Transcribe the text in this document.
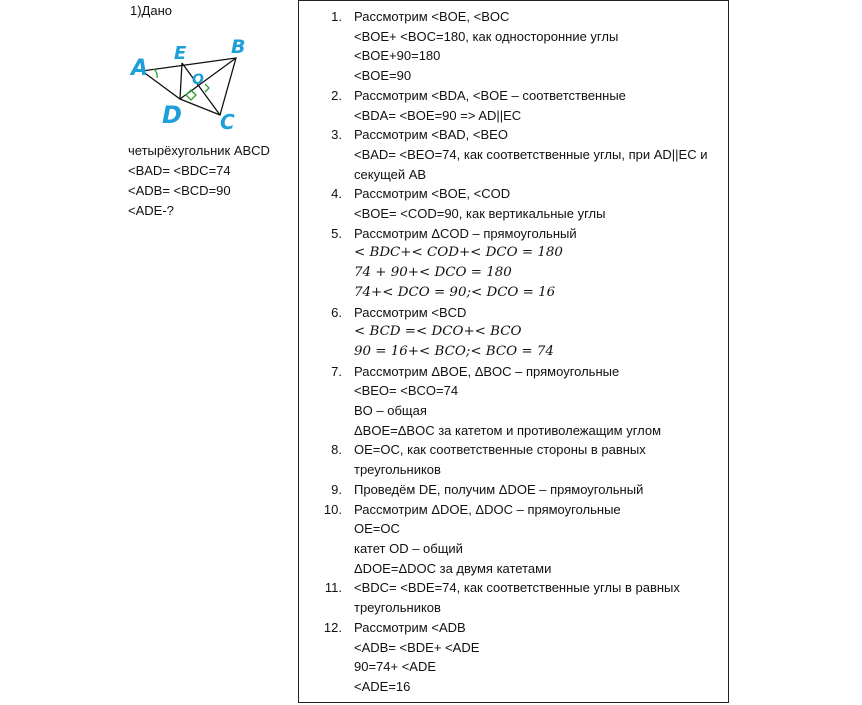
1)Дано
A
E B
O
D C
четырёхугольник ABCD
<BAD= <BDC=74
<ADB= <BCD=90
<ADE-?
1. Рассмотрим <BOE, <BOC
<BOE+ <BOC=180, как односторонние углы
<BOE+90=180
<BOE=90
2. Рассмотрим <BDA, <BOE – соответственные
<BDA= <BOE=90 => AD||EC
3. Рассмотрим <BAD, <BEO
<BAD= <BEO=74, как соответственные углы, при AD||EC и
секущей AB
4. Рассмотрим <BOE, <COD
<BOE= <COD=90, как вертикальные углы
5. Рассмотрим ΔCOD – прямоугольный
< BDC+< COD+< DCO = 180
74 + 90+< DCO = 180
74+< DCO = 90;< DCO = 16
6. Рассмотрим <BCD
< BCD =< DCO+< BCO
90 = 16+< BCO;< BCO = 74
7. Рассмотрим ΔBOE, ΔBOC – прямоугольные
<BEO= <BCO=74
BO – общая
ΔBOE=ΔBOC за катетом и противолежащим углом
8. OE=OC, как соответственные стороны в равных
треугольников
9. Проведём DE, получим ΔDOE – прямоугольный
10. Рассмотрим ΔDOE, ΔDOC – прямоугольные
OE=OC
катет OD – общий
ΔDOE=ΔDOC за двумя катетами
11. <BDC= <BDE=74, как соответственные углы в равных
треугольников
12. Рассмотрим <ADB
<ADB= <BDE+ <ADE
90=74+ <ADE
<ADE=16
